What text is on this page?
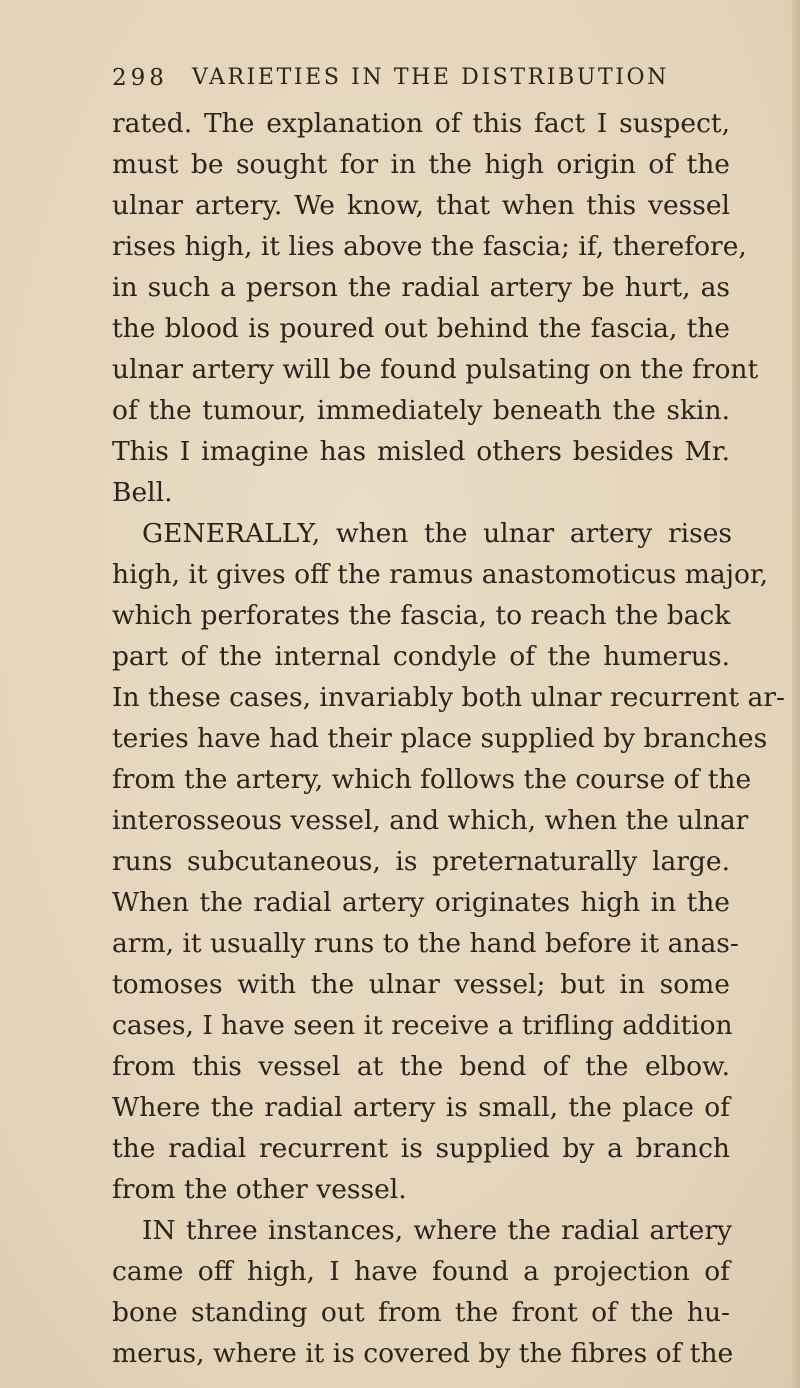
298 VARIETIES IN THE DISTRIBUTION
rated. The explanation of this fact I suspect,
must be sought for in the high origin of the
ulnar artery. We know, that when this vessel
rises high, it lies above the fascia; if, therefore,
in such a person the radial artery be hurt, as
the blood is poured out behind the fascia, the
ulnar artery will be found pulsating on the front
of the tumour, immediately beneath the skin.
This I imagine has misled others besides Mr.
Bell.
GENERALLY, when the ulnar artery rises
high, it gives off the ramus anastomoticus major,
which perforates the fascia, to reach the back
part of the internal condyle of the humerus.
In these cases, invariably both ulnar recurrent ar-
teries have had their place supplied by branches
from the artery, which follows the course of the
interosseous vessel, and which, when the ulnar
runs subcutaneous, is preternaturally large.
When the radial artery originates high in the
arm, it usually runs to the hand before it anas-
tomoses with the ulnar vessel; but in some
cases, I have seen it receive a trifling addition
from this vessel at the bend of the elbow.
Where the radial artery is small, the place of
the radial recurrent is supplied by a branch
from the other vessel.
IN three instances, where the radial artery
came off high, I have found a projection of
bone standing out from the front of the hu-
merus, where it is covered by the fibres of the
